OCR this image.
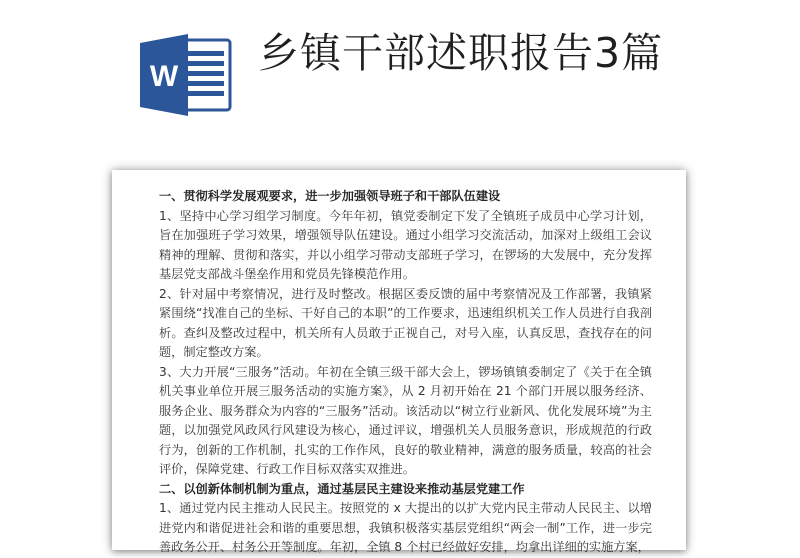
W 乡镇干部述职报告3篇

一、贯彻科学发展观要求，进一步加强领导班子和干部队伍建设

1、坚持中心学习组学习制度。今年年初，镇党委制定下发了全镇班子成员中心学习计划，旨在加强班子学习效果，增强领导队伍建设。通过小组学习交流活动，加深对上级组工会议精神的理解、贯彻和落实，并以小组学习带动支部班子学习，在锣场的大发展中，充分发挥基层党支部战斗堡垒作用和党员先锋模范作用。

2、针对届中考察情况，进行及时整改。根据区委反馈的届中考察情况及工作部署，我镇紧紧围绕“找准自己的坐标、干好自己的本职”的工作要求，迅速组织机关工作人员进行自我剖析。查纠及整改过程中，机关所有人员敢于正视自己，对号入座，认真反思，查找存在的问题，制定整改方案。

3、大力开展“三服务”活动。年初在全镇三级干部大会上，锣场镇镇委制定了《关于在全镇机关事业单位开展三服务活动的实施方案》，从 2 月初开始在 21 个部门开展以服务经济、服务企业、服务群众为内容的“三服务”活动。该活动以“树立行业新风、优化发展环境”为主题，以加强党风政风行风建设为核心，通过评议，增强机关人员服务意识，形成规范的行政行为，创新的工作机制，扎实的工作作风，良好的敬业精神，满意的服务质量，较高的社会评价，保障党建、行政工作目标双落实双推进。

二、以创新体制机制为重点，通过基层民主建设来推动基层党建工作

1、通过党内民主推动人民民主。按照党的 x 大提出的以扩大党内民主带动人民民主、以增进党内和谐促进社会和谐的重要思想，我镇积极落实基层党组织“两会一制”工作，进一步完善政务公开、村务公开等制度。年初，全镇 8 个村已经做好安排，均拿出详细的实施方案，
